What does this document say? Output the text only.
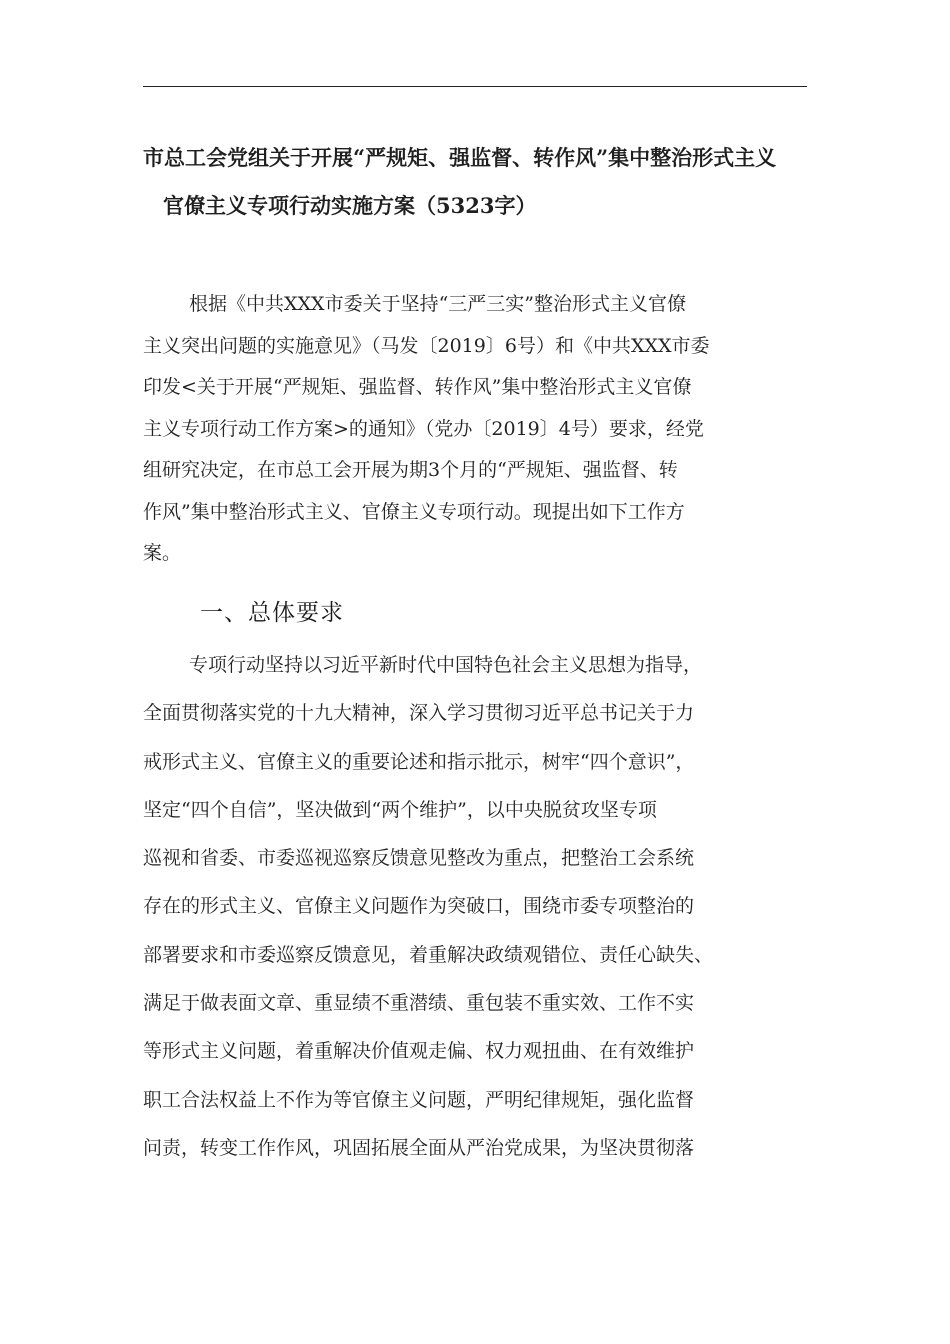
市总工会党组关于开展“严规矩、强监督、转作风”集中整治形式主义
官僚主义专项行动实施方案（5323字）
根据《中共XXX市委关于坚持“三严三实”整治形式主义官僚
主义突出问题的实施意见》（马发〔2019〕6号）和《中共XXX市委
印发<关于开展“严规矩、强监督、转作风”集中整治形式主义官僚
主义专项行动工作方案>的通知》（党办〔2019〕4号）要求，经党
组研究决定，在市总工会开展为期3个月的“严规矩、强监督、转
作风”集中整治形式主义、官僚主义专项行动。现提出如下工作方
案。
一、总体要求
专项行动坚持以习近平新时代中国特色社会主义思想为指导，
全面贯彻落实党的十九大精神，深入学习贯彻习近平总书记关于力
戒形式主义、官僚主义的重要论述和指示批示，树牢“四个意识”，
坚定“四个自信”，坚决做到“两个维护”，以中央脱贫攻坚专项
巡视和省委、市委巡视巡察反馈意见整改为重点，把整治工会系统
存在的形式主义、官僚主义问题作为突破口，围绕市委专项整治的
部署要求和市委巡察反馈意见，着重解决政绩观错位、责任心缺失、
满足于做表面文章、重显绩不重潜绩、重包装不重实效、工作不实
等形式主义问题，着重解决价值观走偏、权力观扭曲、在有效维护
职工合法权益上不作为等官僚主义问题，严明纪律规矩，强化监督
问责，转变工作作风，巩固拓展全面从严治党成果，为坚决贯彻落
